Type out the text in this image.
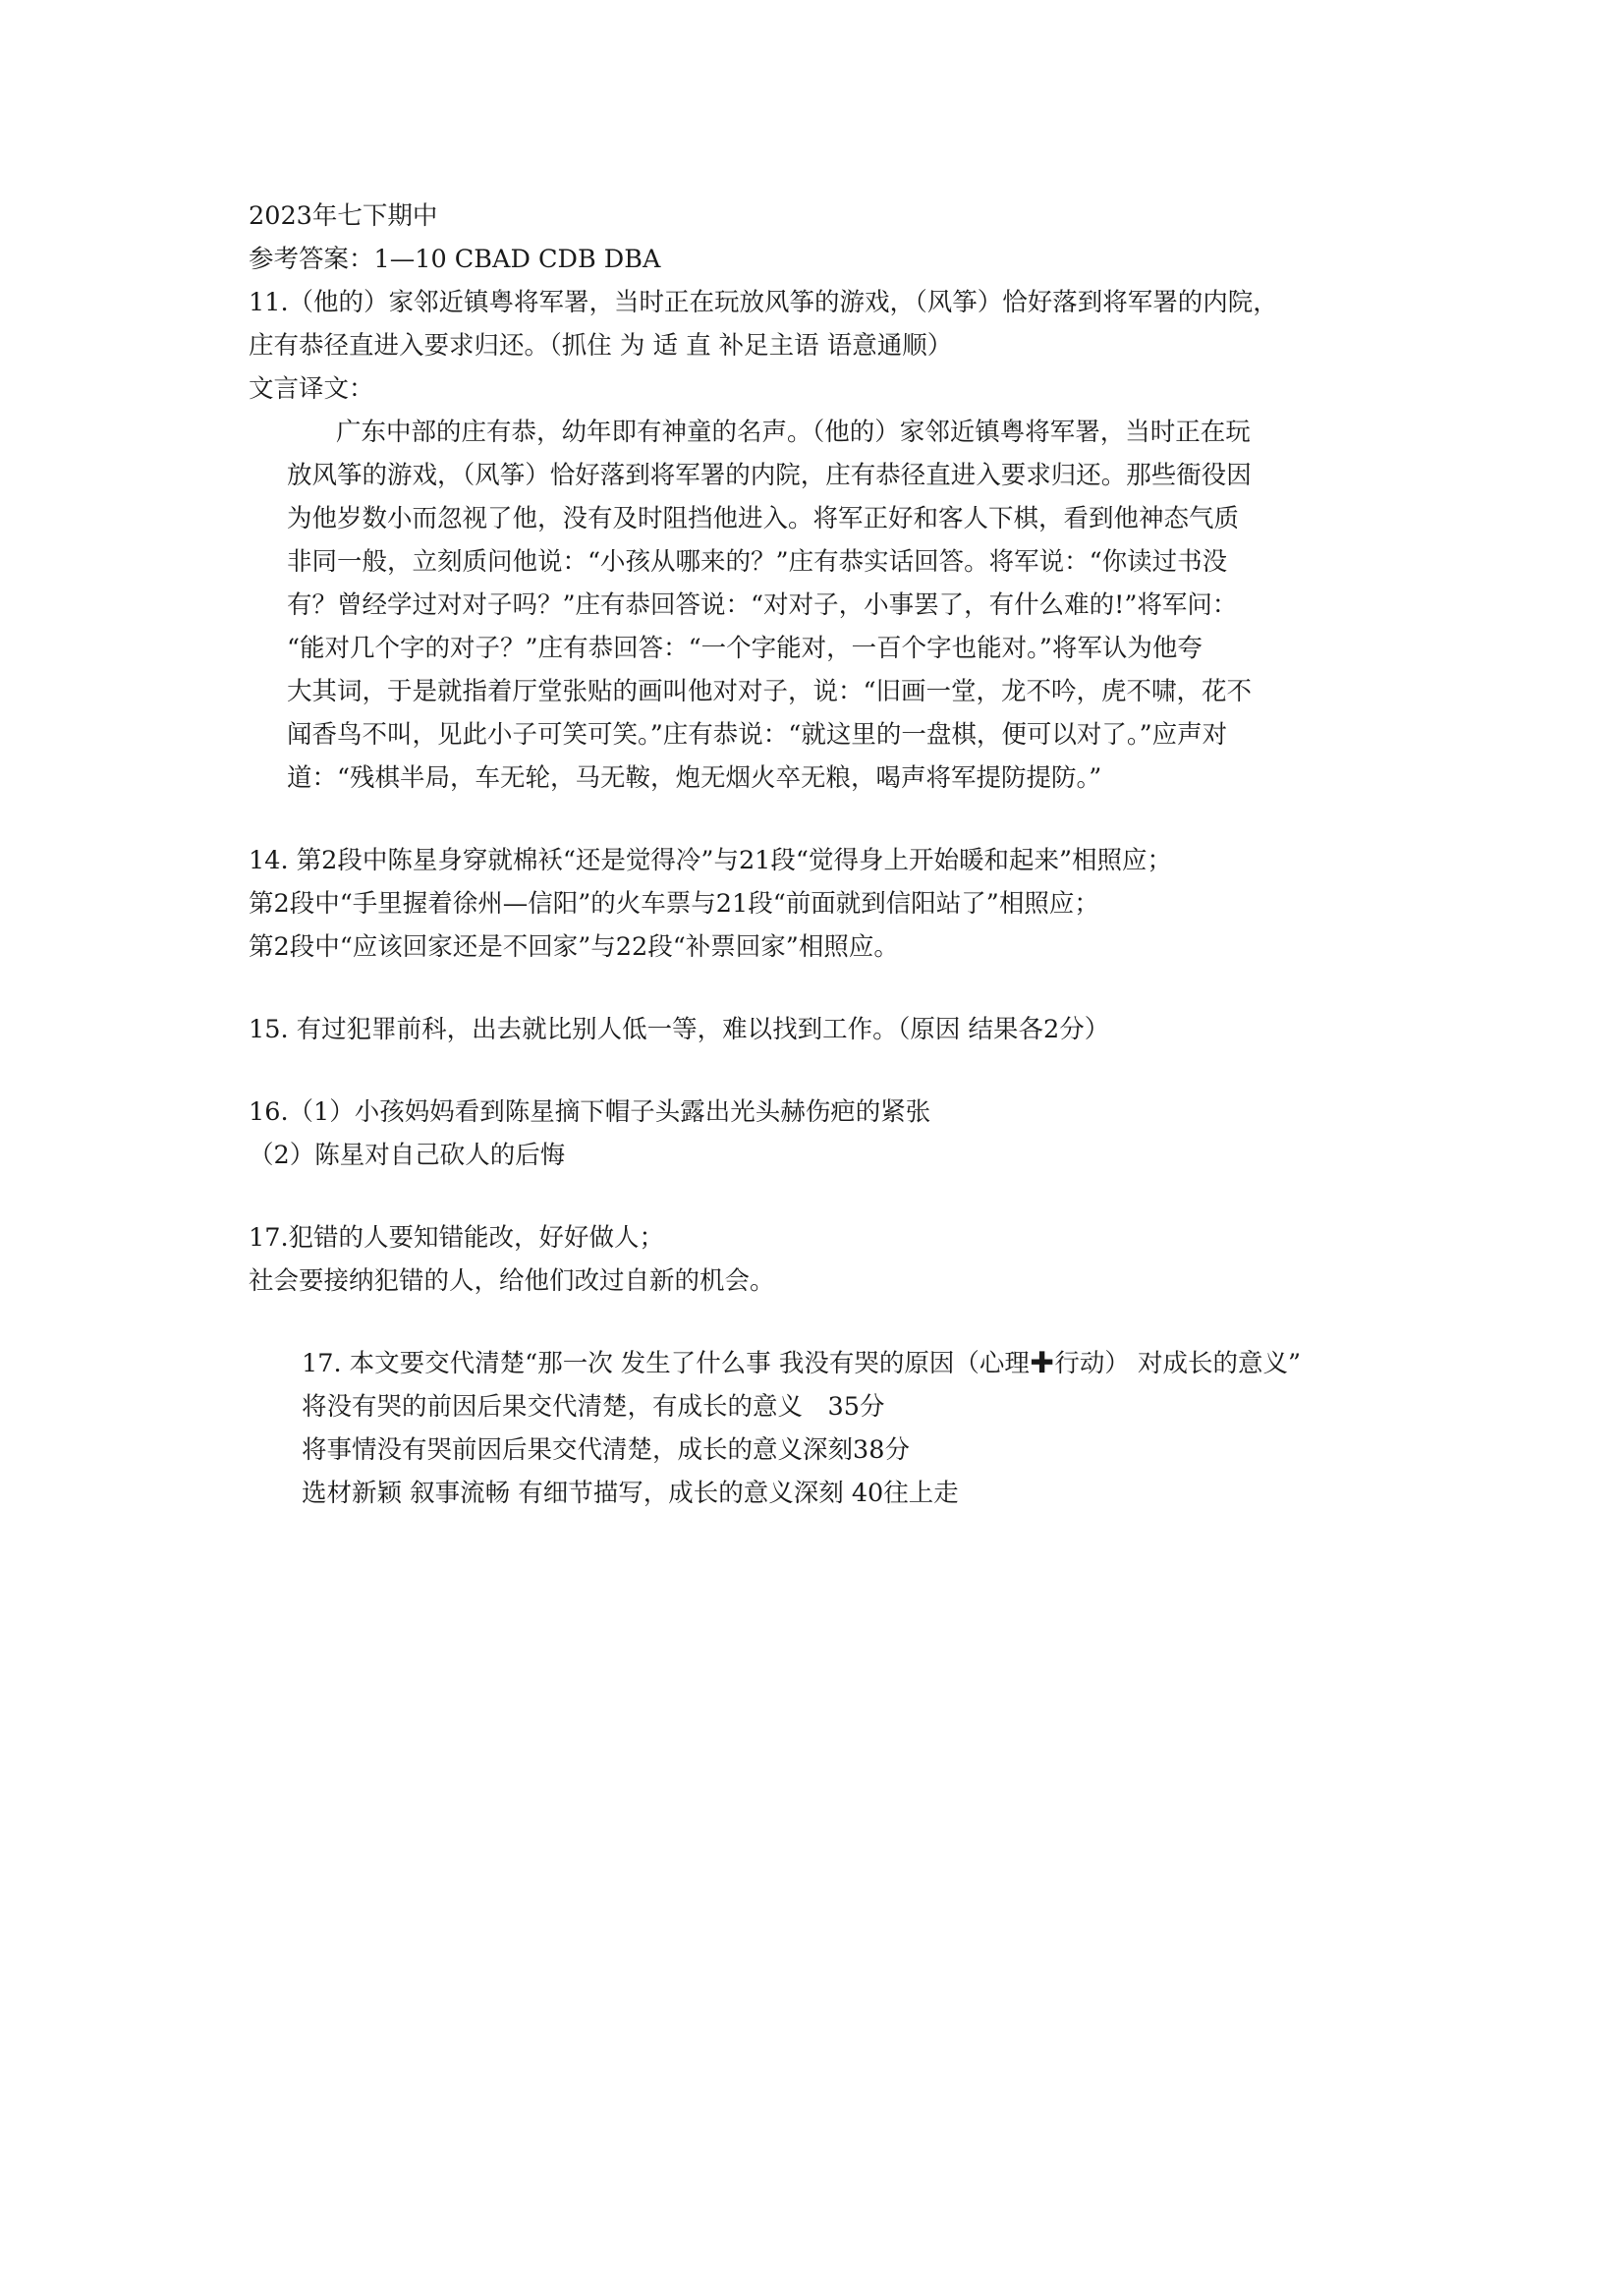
2023年七下期中
参考答案：1—10 CBAD CDB DBA
11.（他的）家邻近镇粤将军署，当时正在玩放风筝的游戏，（风筝）恰好落到将军署的内院，
庄有恭径直进入要求归还。（抓住 为 适 直 补足主语 语意通顺）
文言译文：
广东中部的庄有恭，幼年即有神童的名声。（他的）家邻近镇粤将军署，当时正在玩
放风筝的游戏，（风筝）恰好落到将军署的内院，庄有恭径直进入要求归还。那些衙役因
为他岁数小而忽视了他，没有及时阻挡他进入。将军正好和客人下棋，看到他神态气质
非同一般，立刻质问他说：“小孩从哪来的？”庄有恭实话回答。将军说：“你读过书没
有？曾经学过对对子吗？”庄有恭回答说：“对对子，小事罢了，有什么难的!”将军问：
“能对几个字的对子？”庄有恭回答：“一个字能对，一百个字也能对。”将军认为他夸
大其词，于是就指着厅堂张贴的画叫他对对子，说：“旧画一堂，龙不吟，虎不啸，花不
闻香鸟不叫，见此小子可笑可笑。”庄有恭说：“就这里的一盘棋，便可以对了。”应声对
道：“残棋半局，车无轮，马无鞍，炮无烟火卒无粮，喝声将军提防提防。”
14. 第2段中陈星身穿就棉袄“还是觉得冷”与21段“觉得身上开始暖和起来”相照应；
第2段中“手里握着徐州—信阳”的火车票与21段“前面就到信阳站了”相照应；
第2段中“应该回家还是不回家”与22段“补票回家”相照应。
15. 有过犯罪前科，出去就比别人低一等，难以找到工作。（原因 结果各2分）
16.（1）小孩妈妈看到陈星摘下帽子头露出光头赫伤疤的紧张
（2）陈星对自己砍人的后悔
17.犯错的人要知错能改，好好做人；
社会要接纳犯错的人，给他们改过自新的机会。
17. 本文要交代清楚“那一次 发生了什么事 我没有哭的原因（心理✚行动） 对成长的意义”
将没有哭的前因后果交代清楚，有成长的意义　35分
将事情没有哭前因后果交代清楚，成长的意义深刻38分
选材新颖 叙事流畅 有细节描写，成长的意义深刻 40往上走
